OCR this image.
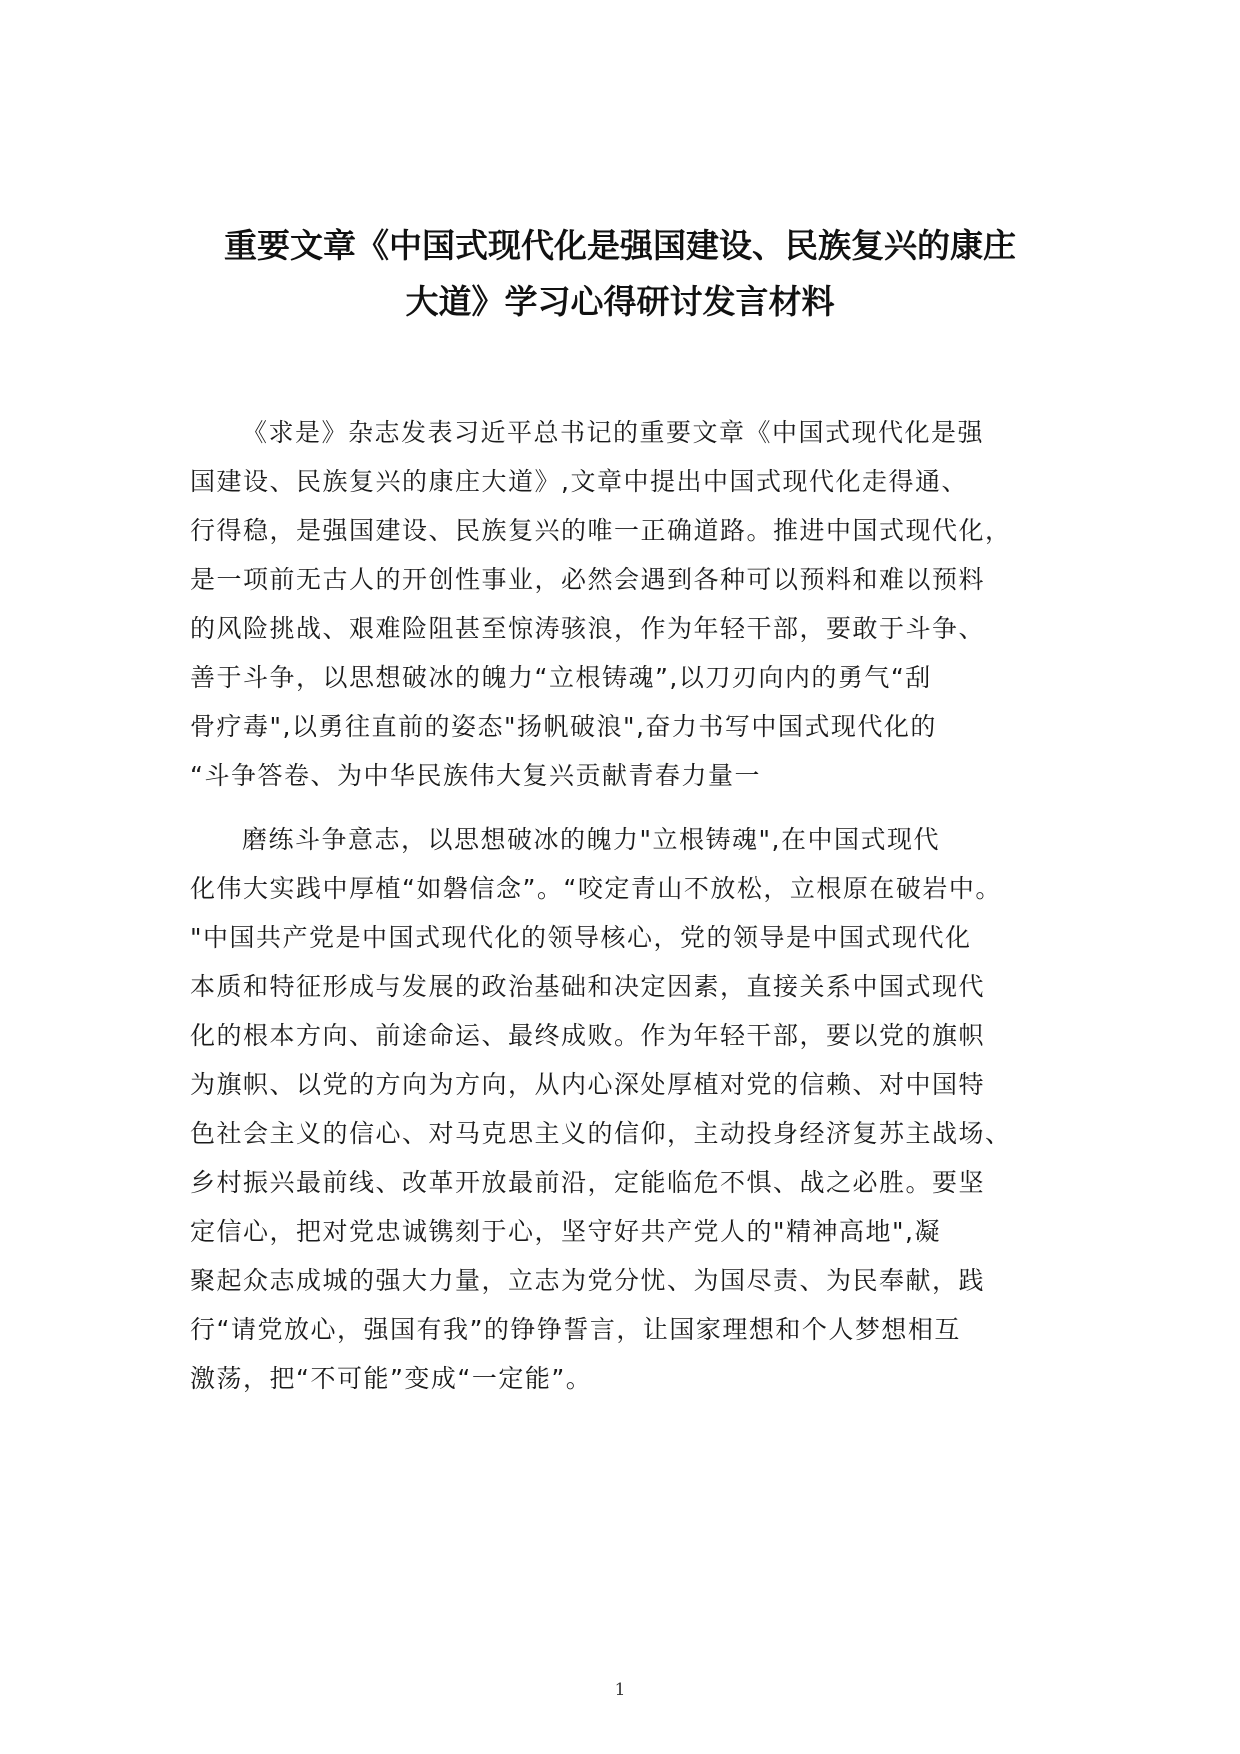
重要文章《中国式现代化是强国建设、民族复兴的康庄
大道》学习心得研讨发言材料

《求是》杂志发表习近平总书记的重要文章《中国式现代化是强
国建设、民族复兴的康庄大道》,文章中提出中国式现代化走得通、
行得稳，是强国建设、民族复兴的唯一正确道路。推进中国式现代化，
是一项前无古人的开创性事业，必然会遇到各种可以预料和难以预料
的风险挑战、艰难险阻甚至惊涛骇浪，作为年轻干部，要敢于斗争、
善于斗争，以思想破冰的魄力“立根铸魂”,以刀刃向内的勇气“刮
骨疗毒",以勇往直前的姿态"扬帆破浪",奋力书写中国式现代化的
“斗争答卷、为中华民族伟大复兴贡献青春力量一

磨练斗争意志，以思想破冰的魄力"立根铸魂",在中国式现代
化伟大实践中厚植“如磐信念”。“咬定青山不放松，立根原在破岩中。
"中国共产党是中国式现代化的领导核心，党的领导是中国式现代化
本质和特征形成与发展的政治基础和决定因素，直接关系中国式现代
化的根本方向、前途命运、最终成败。作为年轻干部，要以党的旗帜
为旗帜、以党的方向为方向，从内心深处厚植对党的信赖、对中国特
色社会主义的信心、对马克思主义的信仰，主动投身经济复苏主战场、
乡村振兴最前线、改革开放最前沿，定能临危不惧、战之必胜。要坚
定信心，把对党忠诚镌刻于心，坚守好共产党人的"精神高地",凝
聚起众志成城的强大力量，立志为党分忧、为国尽责、为民奉献，践
行“请党放心，强国有我”的铮铮誓言，让国家理想和个人梦想相互
激荡，把“不可能”变成“一定能”。

1
